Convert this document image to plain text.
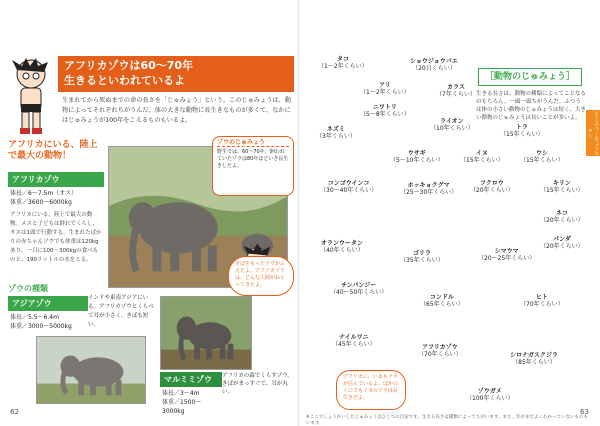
アフリカゾウは60〜70年
生きるといわれているよ
生まれてから死ぬまでの命の長さを「じゅみょう」という。このじゅみょうは、動物によってそれぞれちがうんだ。体の大きな動物に長生きなものが多くて、なかにはじゅみょうが100年をこえるものもいるよ。
アフリカにいる、陸上で最大の動物！
ゾウのじゅみょう
野生では、60〜70年、飼われていたゾウは80年ほどいき長生きしたよ。
きばをもったゾウがふえたよ。アフリカゾウは、どんな人間がねらってきたよ。
アフリカゾウ
体長／6〜7.5m（オス）
体重／3600〜6000kg
アフリカにいる。陸上で最大の動物。メスと子どもは群れでくらし、オスは1頭で行動する。生まれたばかりの赤ちゃんゾウでも体重は120kgあり、一日に100〜300kgの食べものと、190リットルの水をとる。
ゾウの種類
アジアゾウ
体長／5.5〜6.4m
体重／3000〜5000kg
インドや東南アジアにいる。アフリカゾウとくらべて耳が小さく、きばも短い。
マルミミゾウ
体長／3〜4m
体重／1500〜3000kg
アフリカの森でくらすゾウ。きばがまっすぐで、耳が丸い。
62
［動物のじゅみょう］
生きる長さは、動物の種類によってことなるのもちろん。一頭一頭ちがうんだ。ふつうは体の小さい動物のじゅみょうは短く、大きい動物のじゅみょうは長いことが多いよ。	どうぶつ・きょうりゅう
タコ
（1〜2年くらい）
アリ
（1〜2年くらい）
ショウジョウバエ
（20日くらい）
カラス
（7年くらい）
ニワトリ
（5〜8年くらい）
ネズミ
（3年くらい）
ライオン
（10年くらい）	トラ
（15年くらい）
ウサギ
（5〜10年くらい）
イヌ
（15年くらい）
ウシ
（15年くらい）
キリン
（15年くらい）
コンゴウインコ
（30〜40年くらい）
ホッキョクグマ
（25〜30年くらい）
フクロウ
（20年くらい）
ネコ
（20年くらい）
パンダ
（20年くらい）
オランウータン
（40年くらい）	ゴリラ
（35年くらい）
シマウマ
（20〜25年くらい）
チンパンジー
（40〜50年くらい）
コンドル
（65年くらい）
ヒト
（70年くらい）
ナイルワニ
（45年くらい）	アフリカゾウ
（70年くらい）	シロナガスクジラ
（85年くらい）
ゾウガメ
（100年くらい）
アフリカに、いまもソウが住んでいるよ。ほかのくにでもイヌのソウは長生きだよ。
※ここでしょうかいしたじゅみょうはひとつの目安です。生きる長さは種類によってちがいます。また、年がまだよくわかっていないものもいます。
63
